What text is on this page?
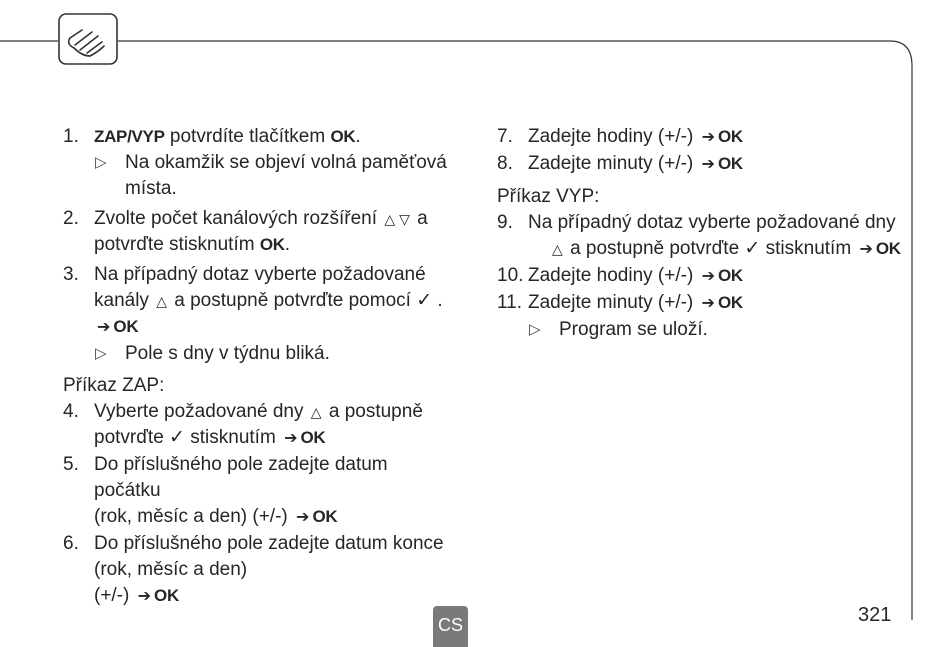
1. ZAP/VYP potvrdíte tlačítkem OK.
▷ Na okamžik se objeví volná paměťová místa.
2. Zvolte počet kanálových rozšíření △ ▽ a
potvrďte stisknutím OK.
3. Na případný dotaz vyberte požadované
kanály △ a postupně potvrďte pomocí ✓ .
➔ OK
▷ Pole s dny v týdnu bliká.
Příkaz ZAP:
4. Vyberte požadované dny △ a postupně
potvrďte ✓ stisknutím ➔ OK
5. Do příslušného pole zadejte datum počátku
(rok, měsíc a den) (+/-) ➔ OK
6. Do příslušného pole zadejte datum konce
(rok, měsíc a den)
(+/-) ➔ OK
7. Zadejte hodiny (+/-) ➔ OK
8. Zadejte minuty (+/-) ➔ OK
Příkaz VYP:
9. Na případný dotaz vyberte požadované dny
△ a postupně potvrďte ✓ stisknutím ➔ OK
10. Zadejte hodiny (+/-) ➔ OK
11. Zadejte minuty (+/-) ➔ OK
▷ Program se uloží.
CS	321
